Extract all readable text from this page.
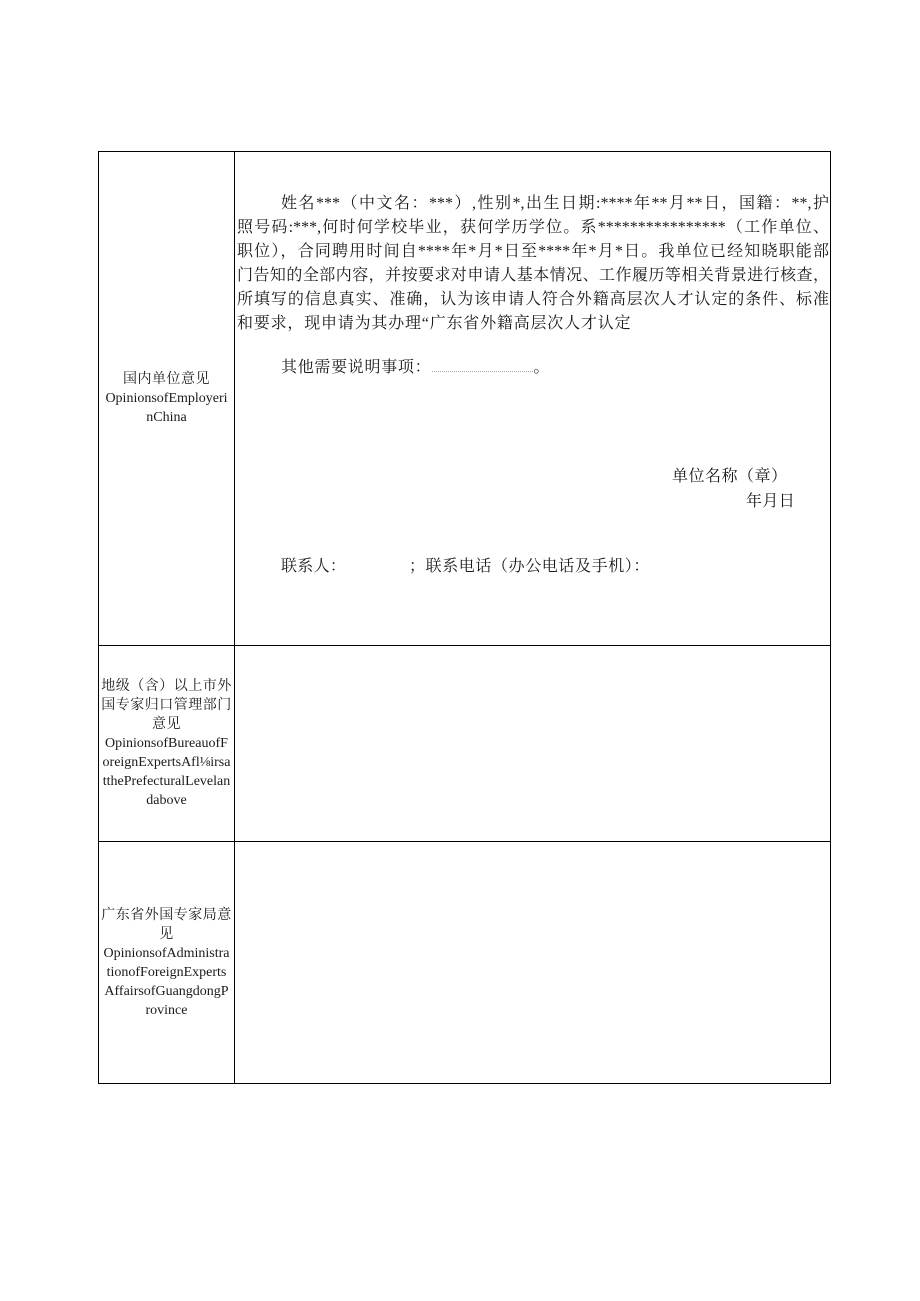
国内单位意见
OpinionsofEmployeri
nChina
姓名***（中文名：***）,性别*,出生日期:****年**月**日，国籍：**,护
照号码:***,何时何学校毕业，获何学历学位。系****************（工作单位、
职位），合同聘用时间自****年*月*日至****年*月*日。我单位已经知晓职能部
门告知的全部内容，并按要求对申请人基本情况、工作履历等相关背景进行核查，
所填写的信息真实、准确，认为该申请人符合外籍高层次人才认定的条件、标准
和要求，现申请为其办理“广东省外籍高层次人才认定
其他需要说明事项：……………………………………………。
单位名称（章）
年月日
联系人：	；联系电话（办公电话及手机）：
地级（含）以上市外
国专家归口管理部门
意见
OpinionsofBureauofF
oreignExpertsAfl⅛irsa
tthePrefecturalLevelan
dabove
广东省外国专家局意
见
OpinionsofAdministra
tionofForeignExperts
AffairsofGuangdongP
rovince
